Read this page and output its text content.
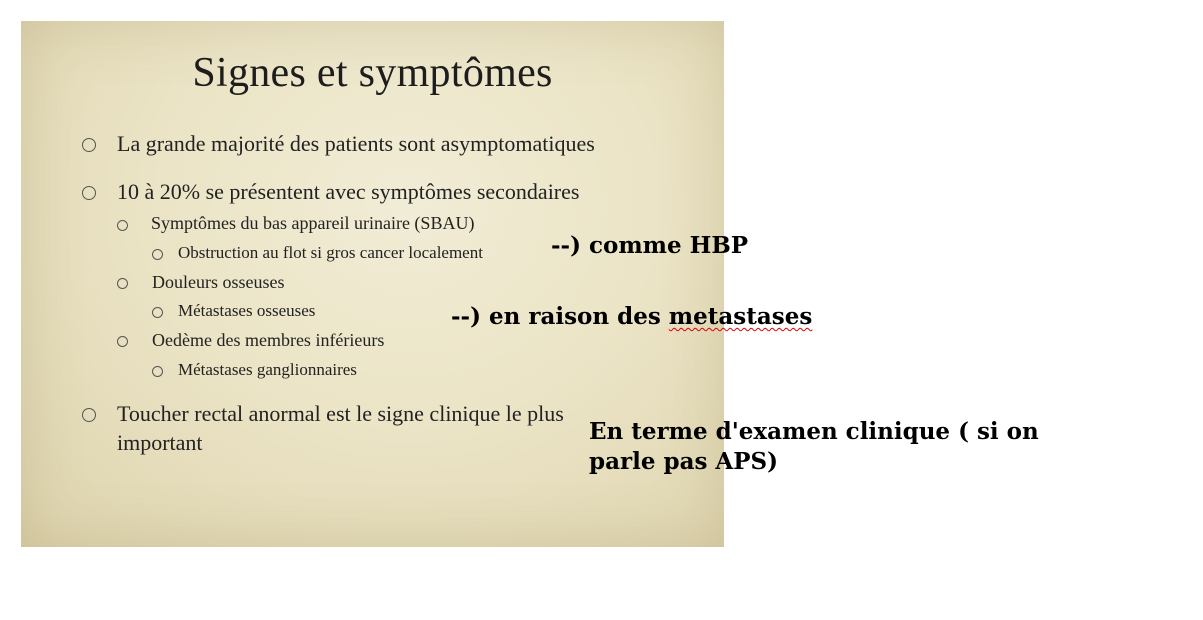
Signes et symptômes
La grande majorité des patients sont asymptomatiques
10 à 20% se présentent avec symptômes secondaires
Symptômes du bas appareil urinaire (SBAU)
Obstruction au flot si gros cancer localement
Douleurs osseuses
Métastases osseuses
Oedème des membres inférieurs
Métastases ganglionnaires
Toucher rectal anormal est le signe clinique le plus
important
--) comme HBP
--) en raison des metastases
En terme d'examen clinique ( si on
parle pas APS)
